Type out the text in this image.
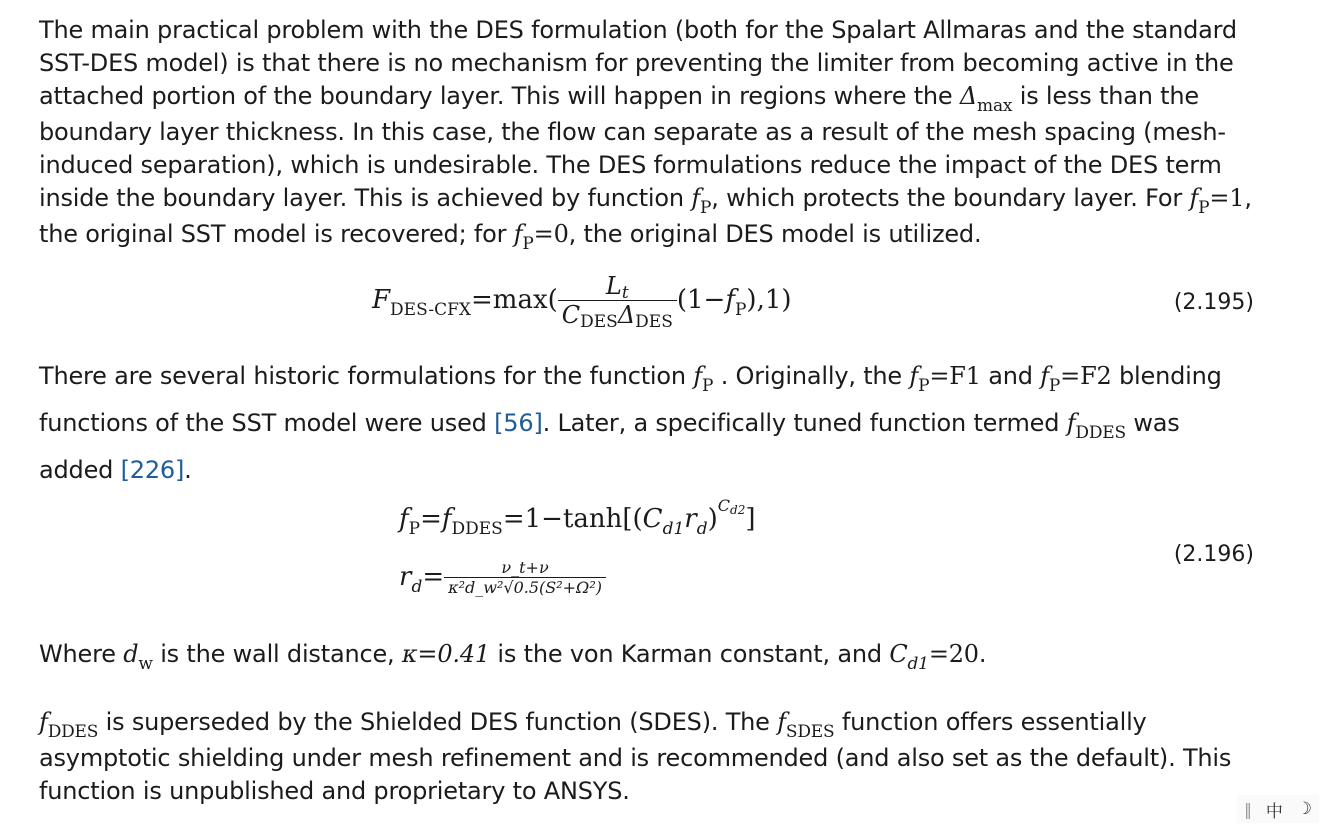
The main practical problem with the DES formulation (both for the Spalart Allmaras and the standard SST-DES model) is that there is no mechanism for preventing the limiter from becoming active in the attached portion of the boundary layer. This will happen in regions where the $\Delta_{max}$ is less than the boundary layer thickness. In this case, the flow can separate as a result of the mesh spacing (mesh-induced separation), which is undesirable. The DES formulations reduce the impact of the DES term inside the boundary layer. This is achieved by function $f_P$, which protects the boundary layer. For $f_P=1$, the original SST model is recovered; for $f_P=0$, the original DES model is utilized.

$F_{DES-CFX}=\max( \frac{Lt}{\text{CDESΔDES}} (1-f_P),1)$	(2.195)

There are several historic formulations for the function $f_P$ . Originally, the $f_P=F1$ and $f_P=F2$ blending functions of the SST model were used [56]. Later, a specifically tuned function termed $f_{DDES}$ was added [226].

$f_P=f_{DDES}=1-\tanh[(C_{d1}r_d)^{Cd2}]$
$r_d= \frac{\nu\_t+\nu}{\text{κ²d\_w²√0.5(S²+Ω²)}}$
(2.196)

Where $d_w$ is the wall distance, κ=0.41 is the von Karman constant, and $C_{d1}=20$.

$f_{DDES}$ is superseded by the Shielded DES function (SDES). The $f_{SDES}$ function offers essentially asymptotic shielding under mesh refinement and is recommended (and also set as the default). This function is unpublished and proprietary to ANSYS.

‖ 中 ☽
